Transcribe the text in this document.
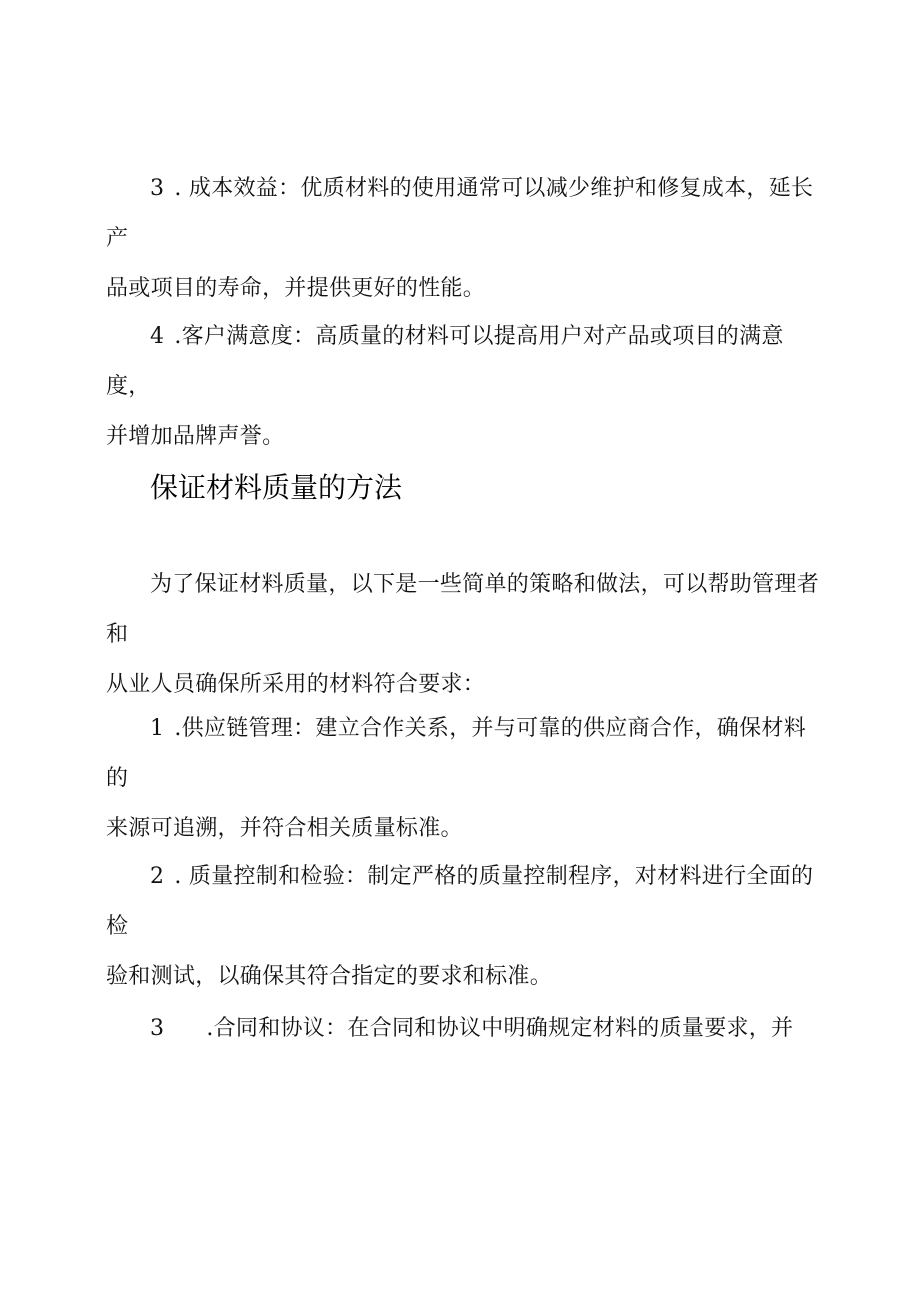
3 . 成本效益：优质材料的使用通常可以减少维护和修复成本，延长产
品或项目的寿命，并提供更好的性能。

4 .客户满意度：高质量的材料可以提高用户对产品或项目的满意度，
并增加品牌声誉。

保证材料质量的方法

为了保证材料质量，以下是一些简单的策略和做法，可以帮助管理者和
从业人员确保所采用的材料符合要求：

1 .供应链管理：建立合作关系，并与可靠的供应商合作，确保材料的
来源可追溯，并符合相关质量标准。

2 . 质量控制和检验：制定严格的质量控制程序，对材料进行全面的检
验和测试，以确保其符合指定的要求和标准。

3 .合同和协议：在合同和协议中明确规定材料的质量要求，并
